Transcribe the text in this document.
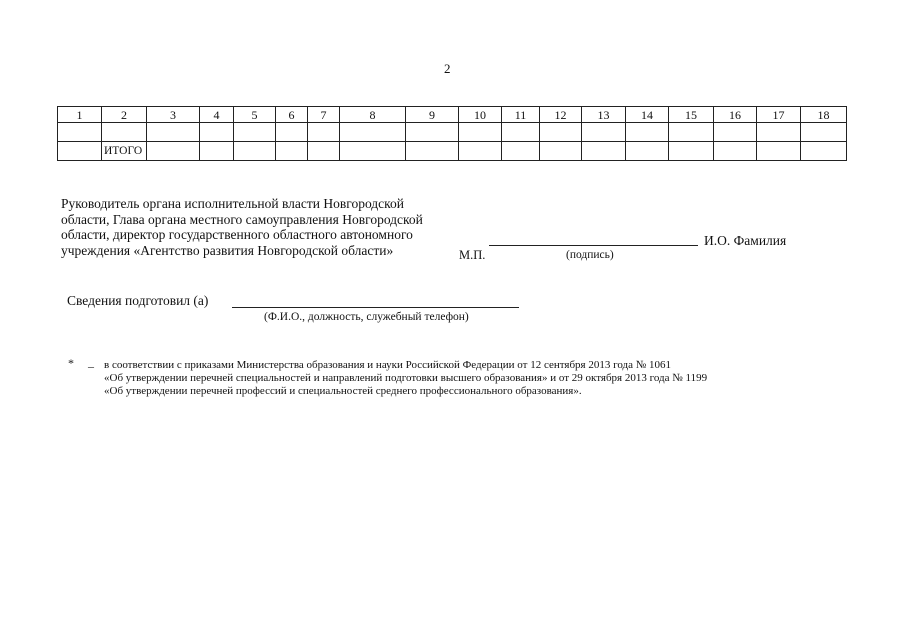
2
1	2	3	4	5	6	7	8	9	10	11	12	13	14	15	16	17	18

	ИТОГО																
Руководитель органа исполнительной власти Новгородской
области, Глава органа местного самоуправления Новгородской
области, директор государственного областного автономного
учреждения «Агентство развития Новгородской области»	М.П.	(подпись)
И.О. Фамилия
Сведения подготовил (а)
(Ф.И.О., должность, служебный телефон)
* – в соответствии с приказами Министерства образования и науки Российской Федерации от 12 сентября 2013 года № 1061
«Об утверждении перечней специальностей и направлений подготовки высшего образования» и от 29 октября 2013 года № 1199
«Об утверждении перечней профессий и специальностей среднего профессионального образования».
